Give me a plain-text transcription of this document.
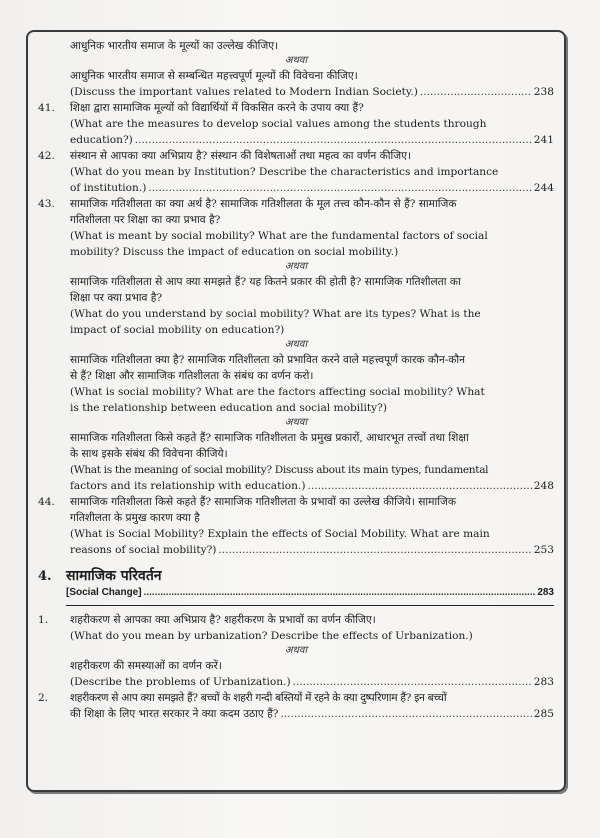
आधुनिक भारतीय समाज के मूल्यों का उल्लेख कीजिए।
अथवा
आधुनिक भारतीय समाज से सम्बन्धित महत्त्वपूर्ण मूल्यों की विवेचना कीजिए।
(Discuss the important values related to Modern Indian Society.) .....	238
41.	शिक्षा द्वारा सामाजिक मूल्यों को विद्यार्थियों में विकसित करने के उपाय क्या हैं?
(What are the measures to develop social values among the students through
education?) .....	241
42.	संस्थान से आपका क्या अभिप्राय है? संस्थान की विशेषताओं तथा महत्व का वर्णन कीजिए।
(What do you mean by Institution? Describe the characteristics and importance
of institution.) .....	244
43.	सामाजिक गतिशीलता का क्या अर्थ है? सामाजिक गतिशीलता के मूल तत्त्व कौन-कौन से हैं? सामाजिक
गतिशीलता पर शिक्षा का क्या प्रभाव है?
(What is meant by social mobility? What are the fundamental factors of social
mobility? Discuss the impact of education on social mobility.)
अथवा
सामाजिक गतिशीलता से आप क्या समझते हैं? यह कितने प्रकार की होती है? सामाजिक गतिशीलता का
शिक्षा पर क्या प्रभाव है?
(What do you understand by social mobility? What are its types? What is the
impact of social mobility on education?)
अथवा
सामाजिक गतिशीलता क्या है? सामाजिक गतिशीलता को प्रभावित करने वाले महत्त्वपूर्ण कारक कौन-कौन
से हैं? शिक्षा और सामाजिक गतिशीलता के संबंध का वर्णन करो।
(What is social mobility? What are the factors affecting social mobility? What
is the relationship between education and social mobility?)
अथवा
सामाजिक गतिशीलता किसे कहते हैं? सामाजिक गतिशीलता के प्रमुख प्रकारों, आधारभूत तत्त्वों तथा शिक्षा
के साथ इसके संबंध की विवेचना कीजिये।
(What is the meaning of social mobility? Discuss about its main types, fundamental
factors and its relationship with education.) .....	248
44.	सामाजिक गतिशीलता किसे कहते हैं? सामाजिक गतिशीलता के प्रभावों का उल्लेख कीजिये। सामाजिक
गतिशीलता के प्रमुख कारण क्या है
(What is Social Mobility? Explain the effects of Social Mobility. What are main
reasons of social mobility?) .....	253
4.	सामाजिक परिवर्तन
[Social Change] .....	283
1.	शहरीकरण से आपका क्या अभिप्राय है? शहरीकरण के प्रभावों का वर्णन कीजिए।
(What do you mean by urbanization? Describe the effects of Urbanization.)
अथवा
शहरीकरण की समस्याओं का वर्णन करें।
(Describe the problems of Urbanization.) .....	283
2.	शहरीकरण से आप क्या समझते हैं? बच्चों के शहरी गन्दी बस्तियों में रहने के क्या दुष्परिणाम हैं? इन बच्चों
की शिक्षा के लिए भारत सरकार ने क्या कदम उठाए हैं? .....	285
